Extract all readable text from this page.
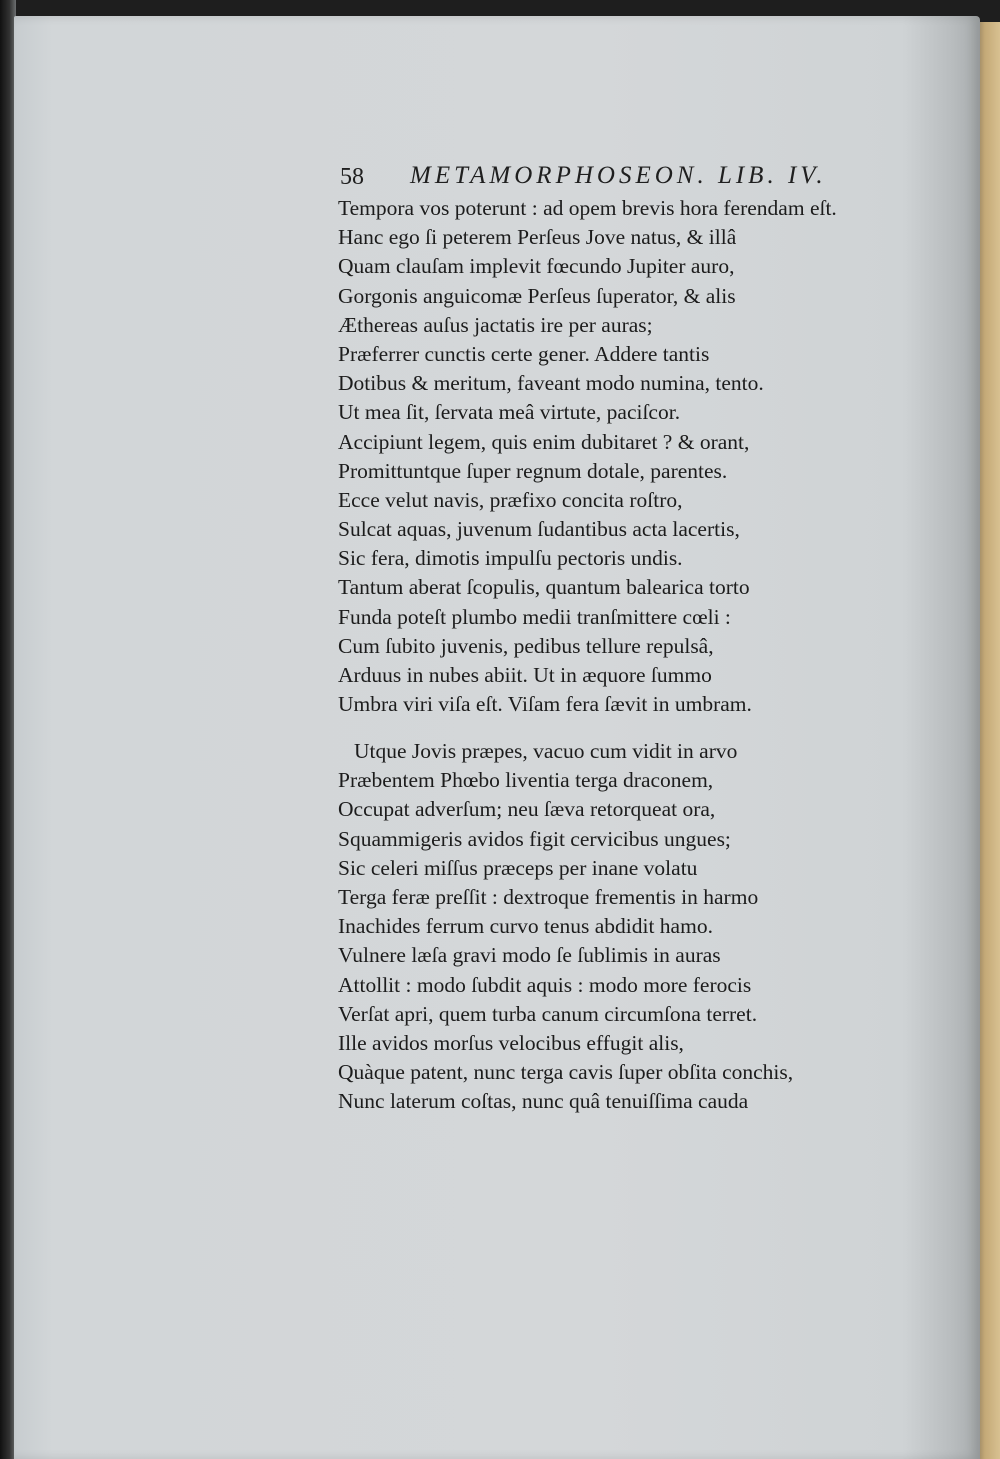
58 METAMORPHOSEON. LIB. IV.
Tempora vos poterunt : ad opem brevis hora ferendam eſt.
Hanc ego ſi peterem Perſeus Jove natus, & illâ
Quam clauſam implevit fœcundo Jupiter auro,
Gorgonis anguicomæ Perſeus ſuperator, & alis
Æthereas auſus jactatis ire per auras;
Præferrer cunctis certe gener. Addere tantis
Dotibus & meritum, faveant modo numina, tento.
Ut mea ſit, ſervata meâ virtute, paciſcor.
Accipiunt legem, quis enim dubitaret ? & orant,
Promittuntque ſuper regnum dotale, parentes.
Ecce velut navis, præfixo concita roſtro,
Sulcat aquas, juvenum ſudantibus acta lacertis,
Sic fera, dimotis impulſu pectoris undis.
Tantum aberat ſcopulis, quantum balearica torto
Funda poteſt plumbo medii tranſmittere cœli :
Cum ſubito juvenis, pedibus tellure repulsâ,
Arduus in nubes abiit. Ut in æquore ſummo
Umbra viri viſa eſt. Viſam fera ſævit in umbram.
Utque Jovis præpes, vacuo cum vidit in arvo
Præbentem Phœbo liventia terga draconem,
Occupat adverſum; neu ſæva retorqueat ora,
Squammigeris avidos figit cervicibus ungues;
Sic celeri miſſus præceps per inane volatu
Terga feræ preſſit : dextroque frementis in harmo
Inachides ferrum curvo tenus abdidit hamo.
Vulnere læſa gravi modo ſe ſublimis in auras
Attollit : modo ſubdit aquis : modo more ferocis
Verſat apri, quem turba canum circumſona terret.
Ille avidos morſus velocibus effugit alis,
Quàque patent, nunc terga cavis ſuper obſita conchis,
Nunc laterum coſtas, nunc quâ tenuiſſima cauda
